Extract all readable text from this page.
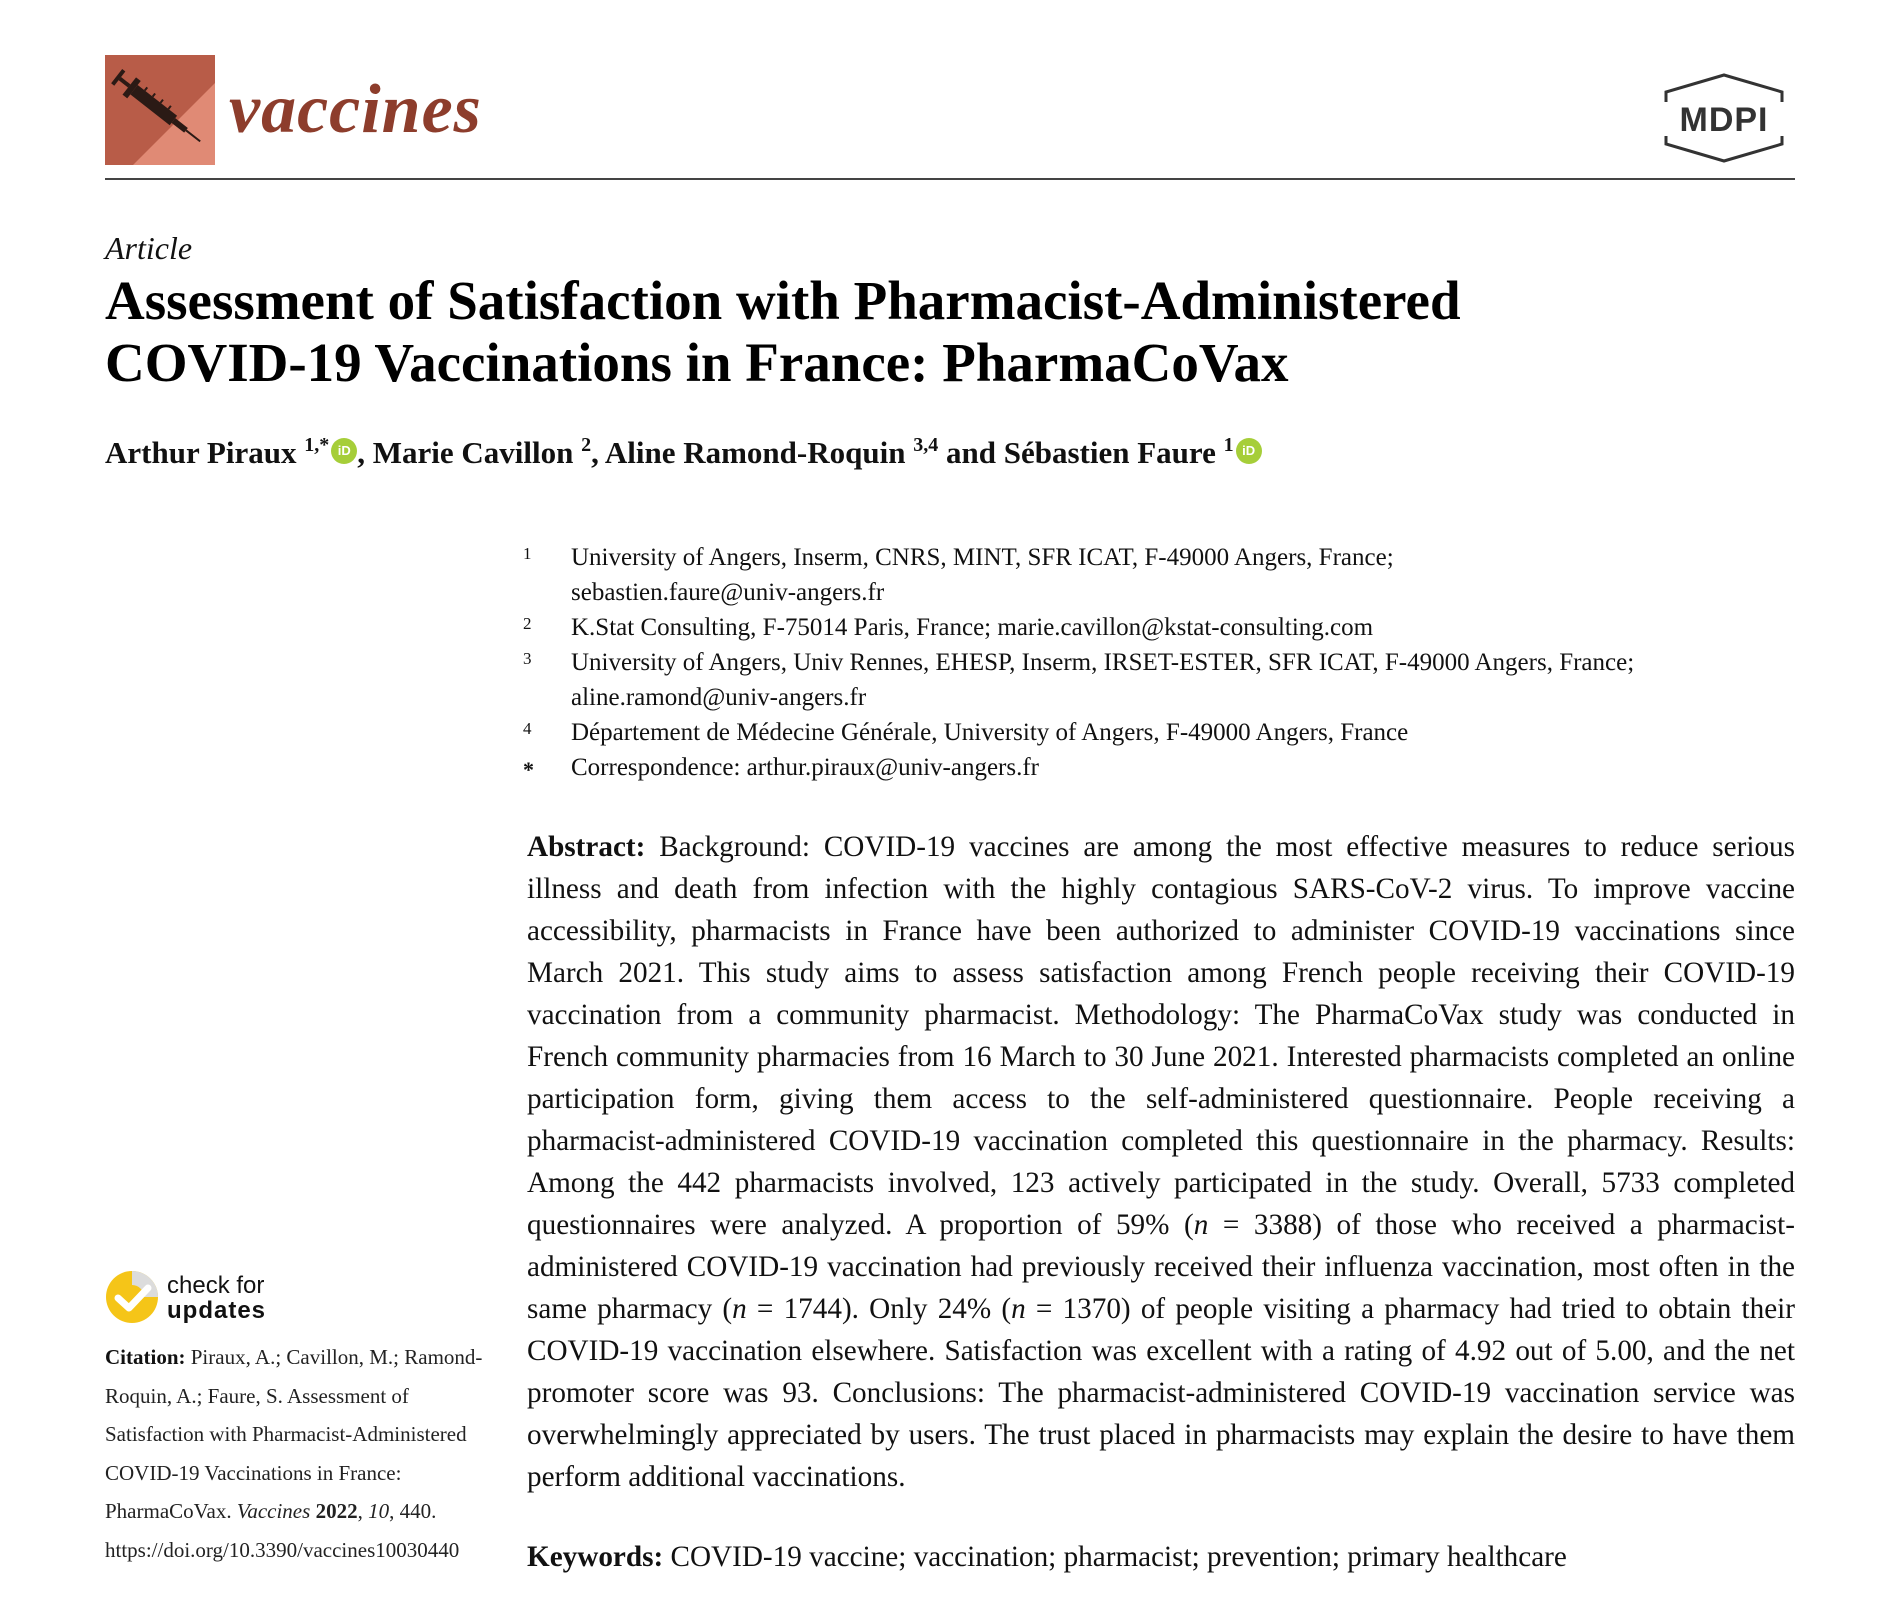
vaccines	MDPI
Article
Assessment of Satisfaction with Pharmacist-Administered
COVID-19 Vaccinations in France: PharmaCoVax
Arthur Piraux $^{1,*}$ iD , Marie Cavillon $^2$, Aline Ramond-Roquin $^{3,4}$ and Sébastien Faure $^1$ iD
1 University of Angers, Inserm, CNRS, MINT, SFR ICAT, F-49000 Angers, France;
sebastien.faure@univ-angers.fr
2 K.Stat Consulting, F-75014 Paris, France; marie.cavillon@kstat-consulting.com
3 University of Angers, Univ Rennes, EHESP, Inserm, IRSET-ESTER, SFR ICAT, F-49000 Angers, France;
aline.ramond@univ-angers.fr
4 Département de Médecine Générale, University of Angers, F-49000 Angers, France
* Correspondence: arthur.piraux@univ-angers.fr
Abstract: Background: COVID-19 vaccines are among the most effective measures to reduce serious illness and death from infection with the highly contagious SARS-CoV-2 virus. To improve vaccine accessibility, pharmacists in France have been authorized to administer COVID-19 vaccinations since March 2021. This study aims to assess satisfaction among French people receiving their COVID-19 vaccination from a community pharmacist. Methodology: The PharmaCoVax study was conducted in French community pharmacies from 16 March to 30 June 2021. Interested pharmacists completed an online participation form, giving them access to the self-administered questionnaire. People receiving a pharmacist-administered COVID-19 vaccination completed this questionnaire in the pharmacy. Results: Among the 442 pharmacists involved, 123 actively participated in the study. Overall, 5733 completed questionnaires were analyzed. A proportion of 59% (n = 3388) of those who received a pharmacist-administered COVID-19 vaccination had previously received their influenza vaccination, most often in the same pharmacy (n = 1744). Only 24% (n = 1370) of people visiting a pharmacy had tried to obtain their COVID-19 vaccination elsewhere. Satisfaction was excellent with a rating of 4.92 out of 5.00, and the net promoter score was 93. Conclusions: The pharmacist-administered COVID-19 vaccination service was overwhelmingly appreciated by users. The trust placed in pharmacists may explain the desire to have them perform additional vaccinations.
Keywords: COVID-19 vaccine; vaccination; pharmacist; prevention; primary healthcare
check for
updates
Citation: Piraux, A.; Cavillon, M.; Ramond-Roquin, A.; Faure, S. Assessment of Satisfaction with Pharmacist-Administered COVID-19 Vaccinations in France: PharmaCoVax. Vaccines 2022, 10, 440. https://doi.org/10.3390/vaccines10030440
